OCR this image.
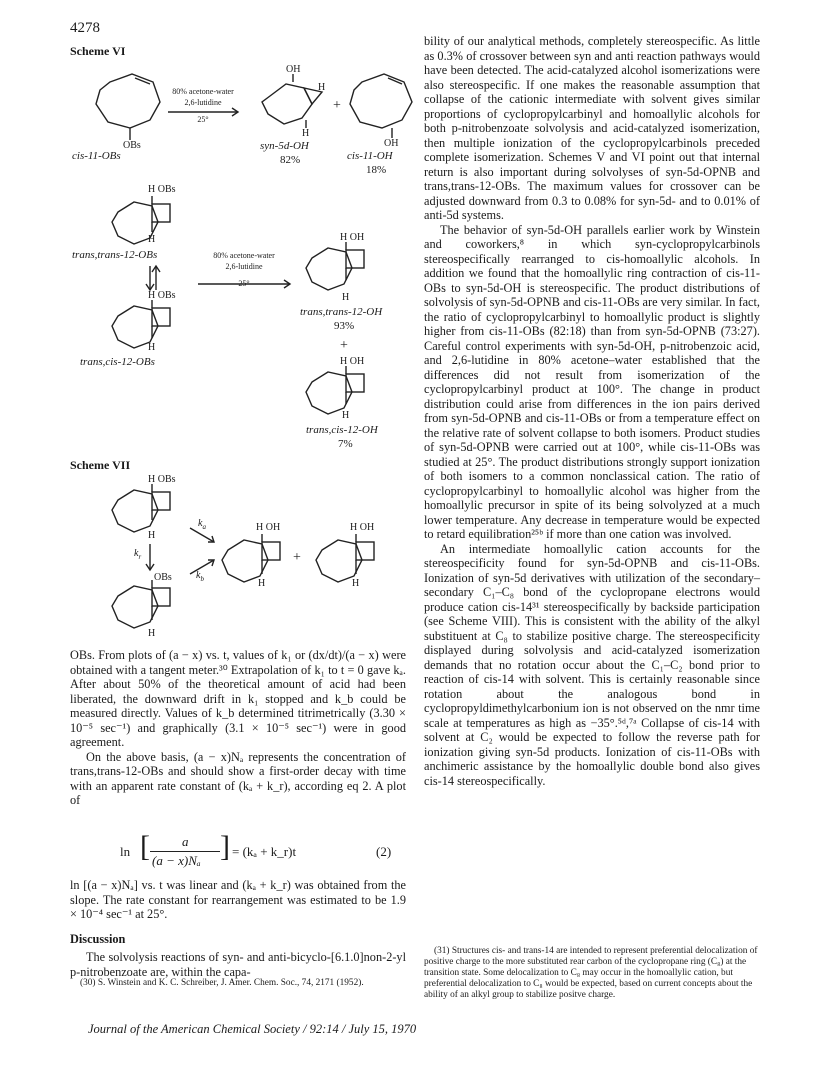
4278
Scheme VI
80% acetone-water
2,6-lutidine
25°
80% acetone-water
2,6-lutidine
25°
OBs
OH
H
H
+
OH
cis-11-OBs
syn-5d-OH
82%	cis-11-OH
18%
H OBs
H
trans,trans-12-OBs
H OBs
H
trans,cis-12-OBs
H OH
H
trans,trans-12-OH
93%
+
H OH
H
trans,cis-12-OH
7%
Scheme VII
H OBs
H
$k_r$
OBs
H
$k_a$
$k_b$
H OH
H
+
H OH
H

OBs. From plots of (a − x) vs. t, values of k₁ or (dx/dt)/(a − x) were obtained with a tangent meter.³⁰ Extrapolation of k₁ to t = 0 gave kₐ. After about 50% of the theoretical amount of acid had been liberated, the downward drift in k₁ stopped and k_b could be measured directly. Values of k_b determined titrimetrically (3.30 × 10⁻⁵ sec⁻¹) and graphically (3.1 × 10⁻⁵ sec⁻¹) were in good agreement.

On the above basis, (a − x)Nₐ represents the concentration of trans,trans-12-OBs and should show a first-order decay with time with an apparent rate constant of (kₐ + k_r), according eq 2. A plot of

ln [ a
(a − x)Nₐ ] = (kₐ + k_r)t	(2)

ln [(a − x)Nₐ] vs. t was linear and (kₐ + k_r) was obtained from the slope. The rate constant for rearrangement was estimated to be 1.9 × 10⁻⁴ sec⁻¹ at 25°.

Discussion

The solvolysis reactions of syn- and anti-bicyclo-[6.1.0]non-2-yl p-nitrobenzoate are, within the capa-

(30) S. Winstein and K. C. Schreiber, J. Amer. Chem. Soc., 74, 2171 (1952).

bility of our analytical methods, completely stereospecific. As little as 0.3% of crossover between syn and anti reaction pathways would have been detected. The acid-catalyzed alcohol isomerizations were also stereospecific. If one makes the reasonable assumption that collapse of the cationic intermediate with solvent gives similar proportions of cyclopropylcarbinyl and homoallylic alcohols for both p-nitrobenzoate solvolysis and acid-catalyzed isomerization, then multiple ionization of the cyclopropylcarbinols preceded complete isomerization. Schemes V and VI point out that internal return is also important during solvolyses of syn-5d-OPNB and trans,trans-12-OBs. The maximum values for crossover can be adjusted downward from 0.3 to 0.08% for syn-5d- and to 0.01% of anti-5d systems.

The behavior of syn-5d-OH parallels earlier work by Winstein and coworkers,⁸ in which syn-cyclopropylcarbinols stereospecifically rearranged to cis-homoallylic alcohols. In addition we found that the homoallylic ring contraction of cis-11-OBs to syn-5d-OH is stereospecific. The product distributions of solvolysis of syn-5d-OPNB and cis-11-OBs are very similar. In fact, the ratio of cyclopropylcarbinyl to homoallylic product is slightly higher from cis-11-OBs (82:18) than from syn-5d-OPNB (73:27). Careful control experiments with syn-5d-OH, p-nitrobenzoic acid, and 2,6-lutidine in 80% acetone–water established that the differences did not result from isomerization of the cyclopropylcarbinyl product at 100°. The change in product distribution could arise from differences in the ion pairs derived from syn-5d-OPNB and cis-11-OBs or from a temperature effect on the relative rate of solvent collapse to both isomers. Product studies of syn-5d-OPNB were carried out at 100°, while cis-11-OBs was studied at 25°. The product distributions strongly support ionization of both isomers to a common nonclassical cation. The ratio of cyclopropylcarbinyl to homoallylic alcohol was higher from the homoallylic precursor in spite of its being solvolyzed at a much lower temperature. Any decrease in temperature would be expected to retard equilibration²⁵ᵇ if more than one cation was involved.

An intermediate homoallylic cation accounts for the stereospecificity found for syn-5d-OPNB and cis-11-OBs. Ionization of syn-5d derivatives with utilization of the secondary–secondary C₁–C₈ bond of the cyclopropane electrons would produce cation cis-14³¹ stereospecifically by backside participation (see Scheme VIII). This is consistent with the ability of the alkyl substituent at C₈ to stabilize positive charge. The stereospecificity displayed during solvolysis and acid-catalyzed isomerization demands that no rotation occur about the C₁–C₂ bond prior to reaction of cis-14 with solvent. This is certainly reasonable since rotation about the analogous bond in cyclopropyldimethylcarbonium ion is not observed on the nmr time scale at temperatures as high as −35°.⁵ᵈ,⁷ᵃ Collapse of cis-14 with solvent at C₂ would be expected to follow the reverse path for ionization giving syn-5d products. Ionization of cis-11-OBs with anchimeric assistance by the homoallylic double bond also gives cis-14 stereospecifically.

(31) Structures cis- and trans-14 are intended to represent preferential delocalization of positive charge to the more substituted rear carbon of the cyclopropane ring (C₈) at the transition state. Some delocalization to C₈ may occur in the homoallylic cation, but preferential delocalization to C₈ would be expected, based on current concepts about the ability of an alkyl group to stabilize positve charge.
Journal of the American Chemical Society / 92:14 / July 15, 1970
